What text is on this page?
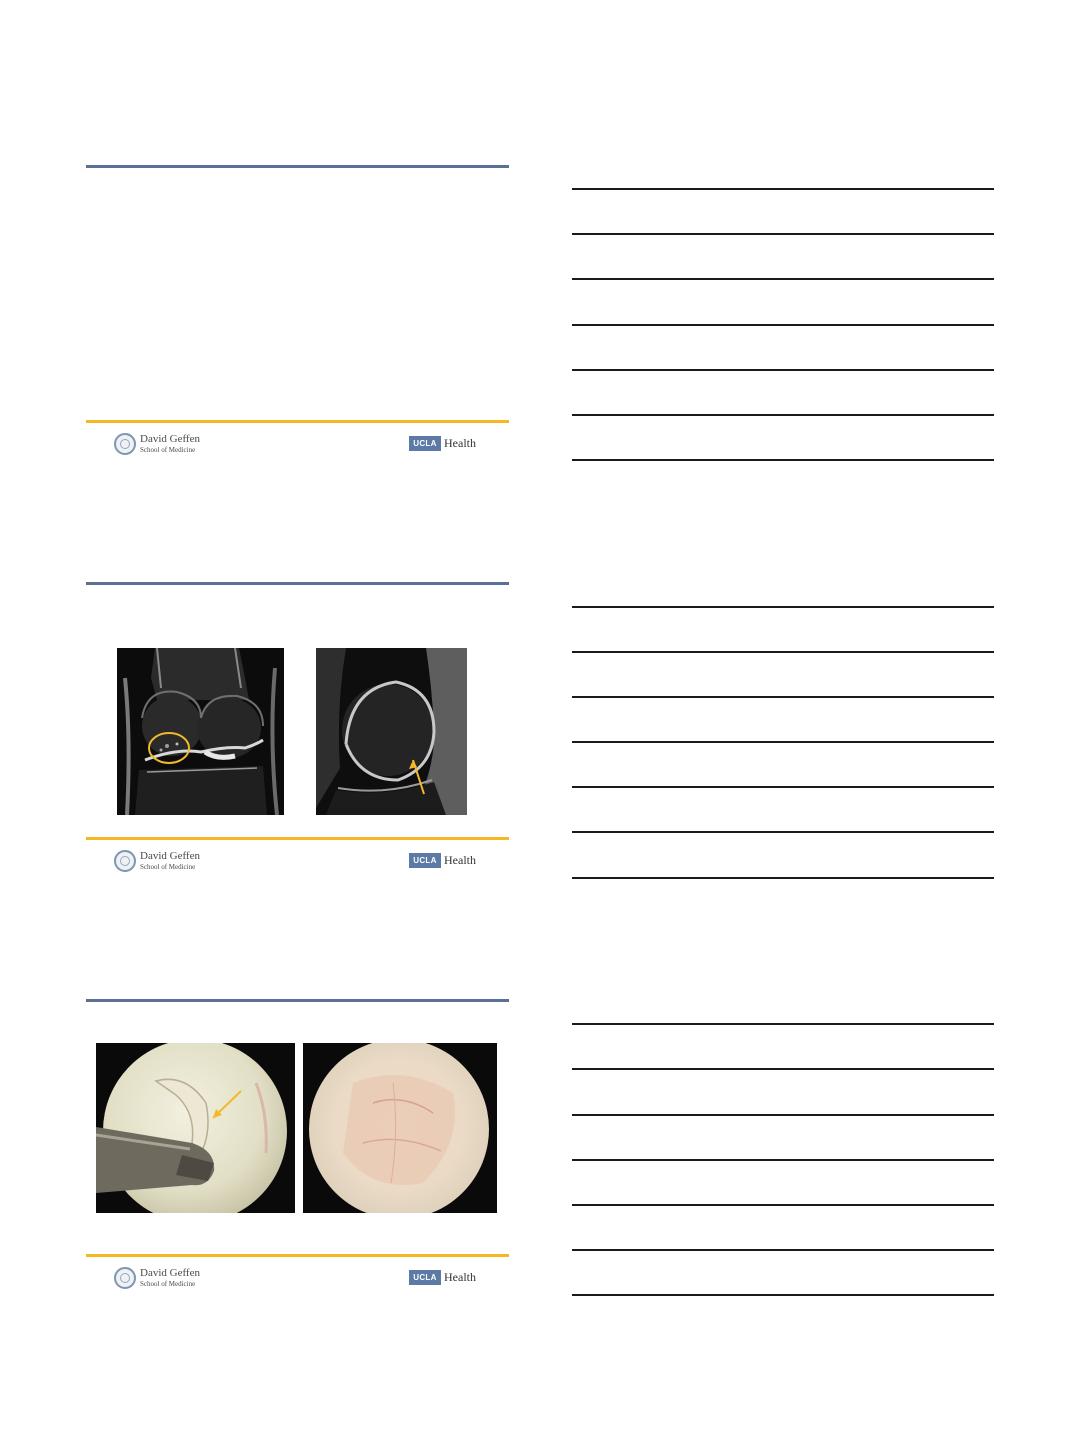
David Geffen
School of Medicine
UCLA Health
David Geffen
School of Medicine
UCLA Health
David Geffen
School of Medicine
UCLA Health
